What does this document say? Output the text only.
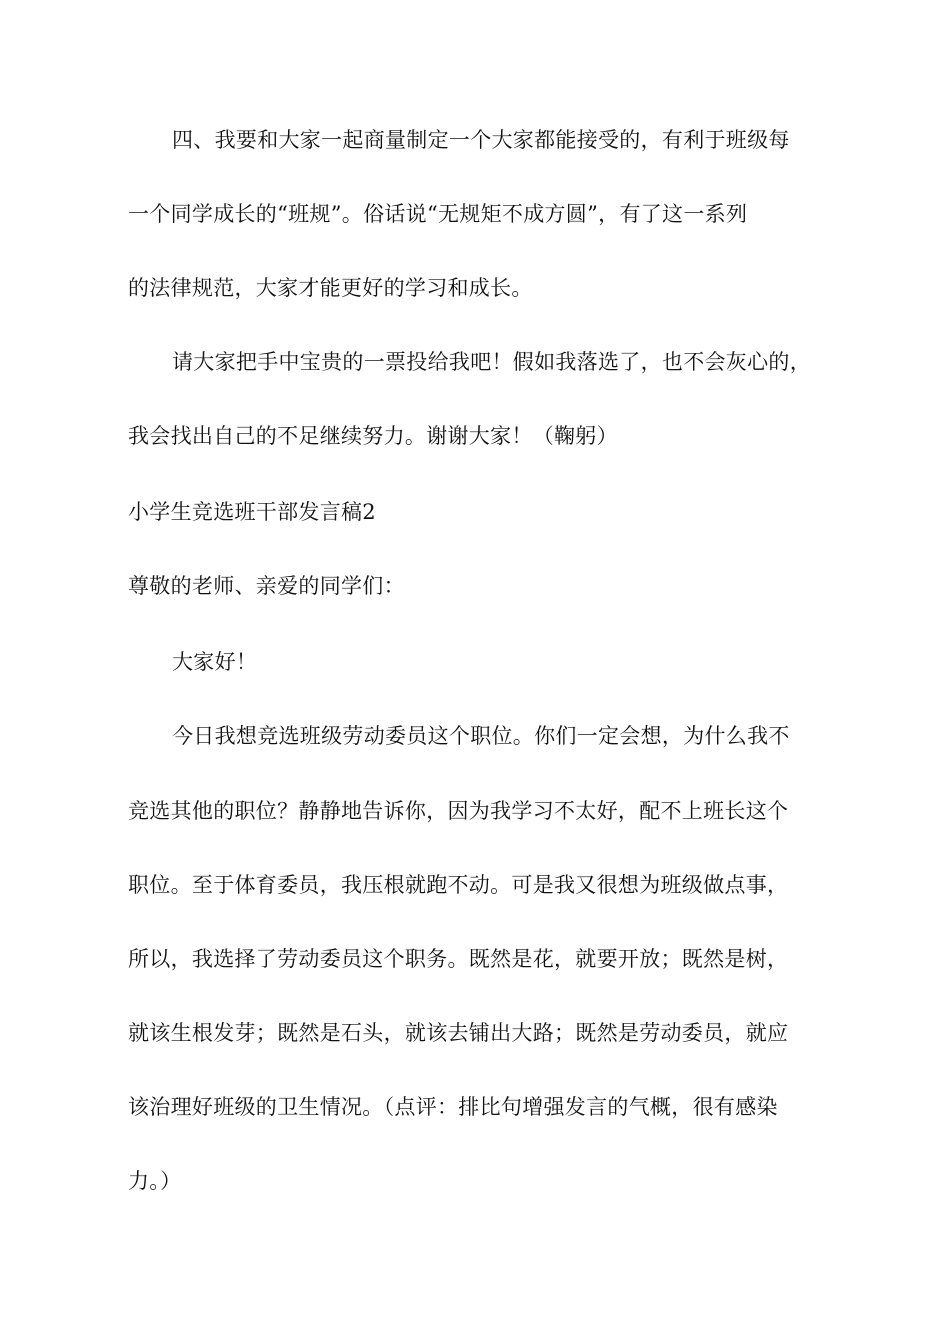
四、我要和大家一起商量制定一个大家都能接受的，有利于班级每
一个同学成长的“班规”。俗话说“无规矩不成方圆”，有了这一系列
的法律规范，大家才能更好的学习和成长。
请大家把手中宝贵的一票投给我吧！假如我落选了，也不会灰心的，
我会找出自己的不足继续努力。谢谢大家！（鞠躬）
小学生竞选班干部发言稿2
尊敬的老师、亲爱的同学们：
大家好！
今日我想竞选班级劳动委员这个职位。你们一定会想，为什么我不
竞选其他的职位？静静地告诉你，因为我学习不太好，配不上班长这个
职位。至于体育委员，我压根就跑不动。可是我又很想为班级做点事，
所以，我选择了劳动委员这个职务。既然是花，就要开放；既然是树，
就该生根发芽；既然是石头，就该去铺出大路；既然是劳动委员，就应
该治理好班级的卫生情况。（点评：排比句增强发言的气概，很有感染
力。）
